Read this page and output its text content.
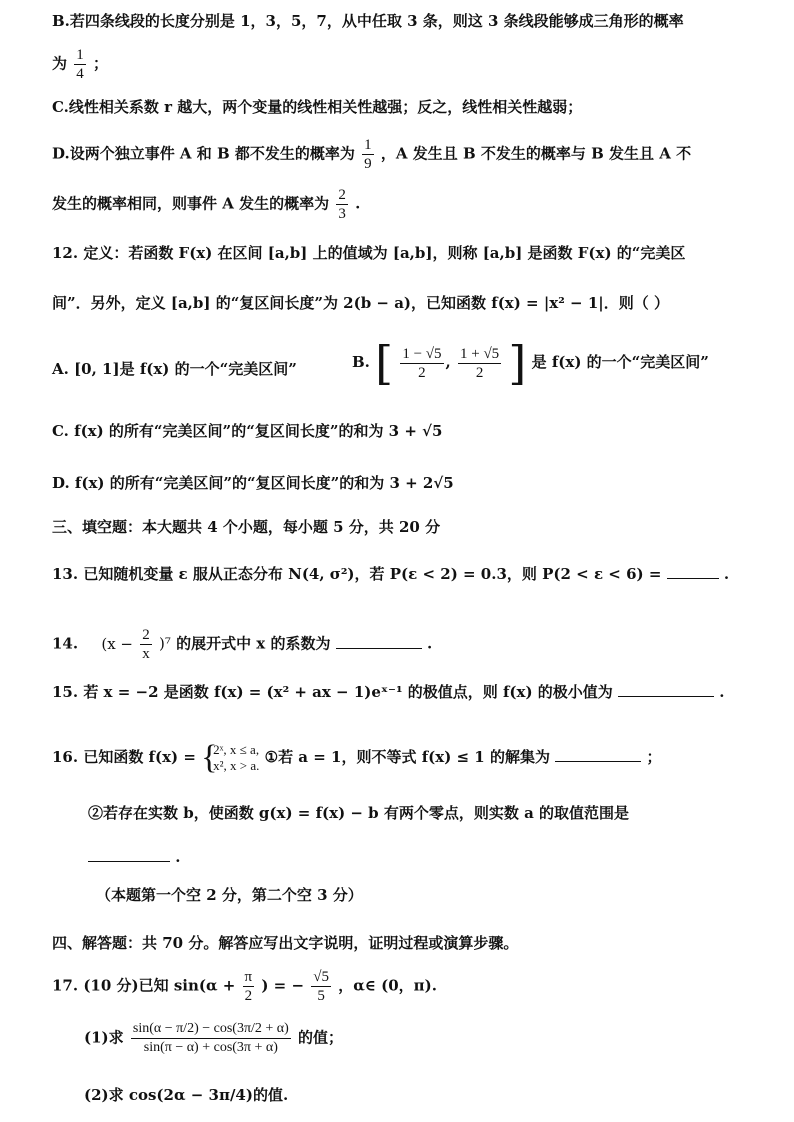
B.若四条线段的长度分别是 1，3，5，7，从中任取 3 条，则这 3 条线段能够成三角形的概率
为 $\frac{1}{4}$ ；
C.线性相关系数 r 越大，两个变量的线性相关性越强；反之，线性相关性越弱；
D.设两个独立事件 A 和 B 都不发生的概率为 $\frac{1}{9}$ ，A 发生且 B 不发生的概率与 B 发生且 A 不
发生的概率相同，则事件 A 发生的概率为 $\frac{2}{3}$ .
12. 定义：若函数 F(x) 在区间 [a,b] 上的值域为 [a,b]，则称 [a,b] 是函数 F(x) 的“完美区
间”．另外，定义 [a,b] 的“复区间长度”为 2(b − a)，已知函数 f(x) = |x² − 1|．则（ ）
A. [0, 1]是 f(x) 的一个“完美区间”	B. [ $\frac{1 - √5}{2}$ , $\frac{1 + √5}{2}$ ] 是 f(x) 的一个“完美区间”
C. f(x) 的所有“完美区间”的“复区间长度”的和为 3 + √5
D. f(x) 的所有“完美区间”的“复区间长度”的和为 3 + 2√5
三、填空题：本大题共 4 个小题，每小题 5 分，共 20 分
13. 已知随机变量 ε 服从正态分布 N(4, σ²)，若 P(ε < 2) = 0.3，则 P(2 < ε < 6) =	.
14. $(x - \frac{2}{x} )^7$ 的展开式中 x 的系数为	.
15. 若 x = −2 是函数 f(x) = (x² + ax − 1)eˣ⁻¹ 的极值点，则 f(x) 的极小值为	.
16. 已知函数 f(x) =
{ 2ˣ, x ≤ a,
x², x > a. ①若 a = 1，则不等式 f(x) ≤ 1 的解集为	；
②若存在实数 b，使函数 g(x) = f(x) − b 有两个零点，则实数 a 的取值范围是
.
（本题第一个空 2 分，第二个空 3 分）
四、解答题：共 70 分。解答应写出文字说明，证明过程或演算步骤。
17. (10 分)已知 $\sin(\alpha + \frac{\pi}{2}$ ) = − $\frac{√5}{5}$ ，α∈ (0，π).
(1)求 $\frac{\sin(\alpha - \pi/2) - \cos(3\pi/2 + \alpha)}{\sin(\pi - \alpha) + \cos(3\pi + \alpha)}$ 的值；
(2)求 cos(2α − 3π/4)的值.
